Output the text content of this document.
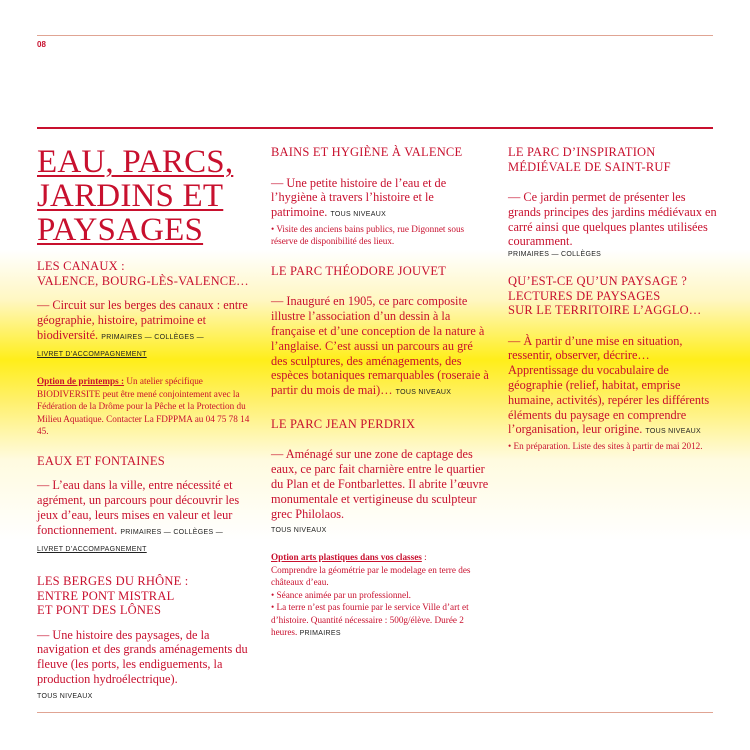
08
EAU, PARCS,
JARDINS ET
PAYSAGES
LES CANAUX :
VALENCE, BOURG-LÈS-VALENCE…
— Circuit sur les berges des canaux : entre géographie, histoire, patrimoine et biodiversité. PRIMAIRES — COLLÈGES —
LIVRET D’ACCOMPAGNEMENT
Option de printemps : Un atelier spécifique BIODIVERSITE peut être mené conjointement avec la Fédération de la Drôme pour la Pêche et la Protection du Milieu Aquatique. Contacter La FDPPMA au 04 75 78 14 45.
EAUX ET FONTAINES
— L’eau dans la ville, entre nécessité et agrément, un parcours pour découvrir les jeux d’eau, leurs mises en valeur et leur fonctionnement. PRIMAIRES — COLLÈGES —
LIVRET D’ACCOMPAGNEMENT
LES BERGES DU RHÔNE :
ENTRE PONT MISTRAL
ET PONT DES LÔNES
— Une histoire des paysages, de la navigation et des grands aménagements du fleuve (les ports, les endiguements, la production hydroélectrique).
TOUS NIVEAUX
BAINS ET HYGIÈNE À VALENCE
— Une petite histoire de l’eau et de l’hygiène à travers l’histoire et le patrimoine. TOUS NIVEAUX
• Visite des anciens bains publics, rue Digonnet sous réserve de disponibilité des lieux.
LE PARC THÉODORE JOUVET
— Inauguré en 1905, ce parc composite illustre l’association d’un dessin à la française et d’une conception de la nature à l’anglaise. C’est aussi un parcours au gré des sculptures, des aménagements, des espèces botaniques remarquables (roseraie à partir du mois de mai)… TOUS NIVEAUX
LE PARC JEAN PERDRIX
— Aménagé sur une zone de captage des eaux, ce parc fait charnière entre le quartier du Plan et de Fontbarlettes. Il abrite l’œuvre monumentale et vertigineuse du sculpteur grec Philolaos.
TOUS NIVEAUX
Option arts plastiques dans vos classes :
Comprendre la géométrie par le modelage en terre des châteaux d’eau.
• Séance animée par un professionnel.
• La terre n’est pas fournie par le service Ville d’art et d’histoire. Quantité nécessaire : 500g/élève. Durée 2 heures. PRIMAIRES
LE PARC D’INSPIRATION
MÉDIÉVALE DE SAINT-RUF
— Ce jardin permet de présenter les grands principes des jardins médiévaux en carré ainsi que quelques plantes utilisées couramment.
PRIMAIRES — COLLÈGES
QU’EST-CE QU’UN PAYSAGE ?
LECTURES DE PAYSAGES
SUR LE TERRITOIRE L’AGGLO…
— À partir d’une mise en situation, ressentir, observer, décrire… Apprentissage du vocabulaire de géographie (relief, habitat, emprise humaine, activités), repérer les différents éléments du paysage en comprendre l’organisation, leur origine. TOUS NIVEAUX
• En préparation. Liste des sites à partir de mai 2012.
